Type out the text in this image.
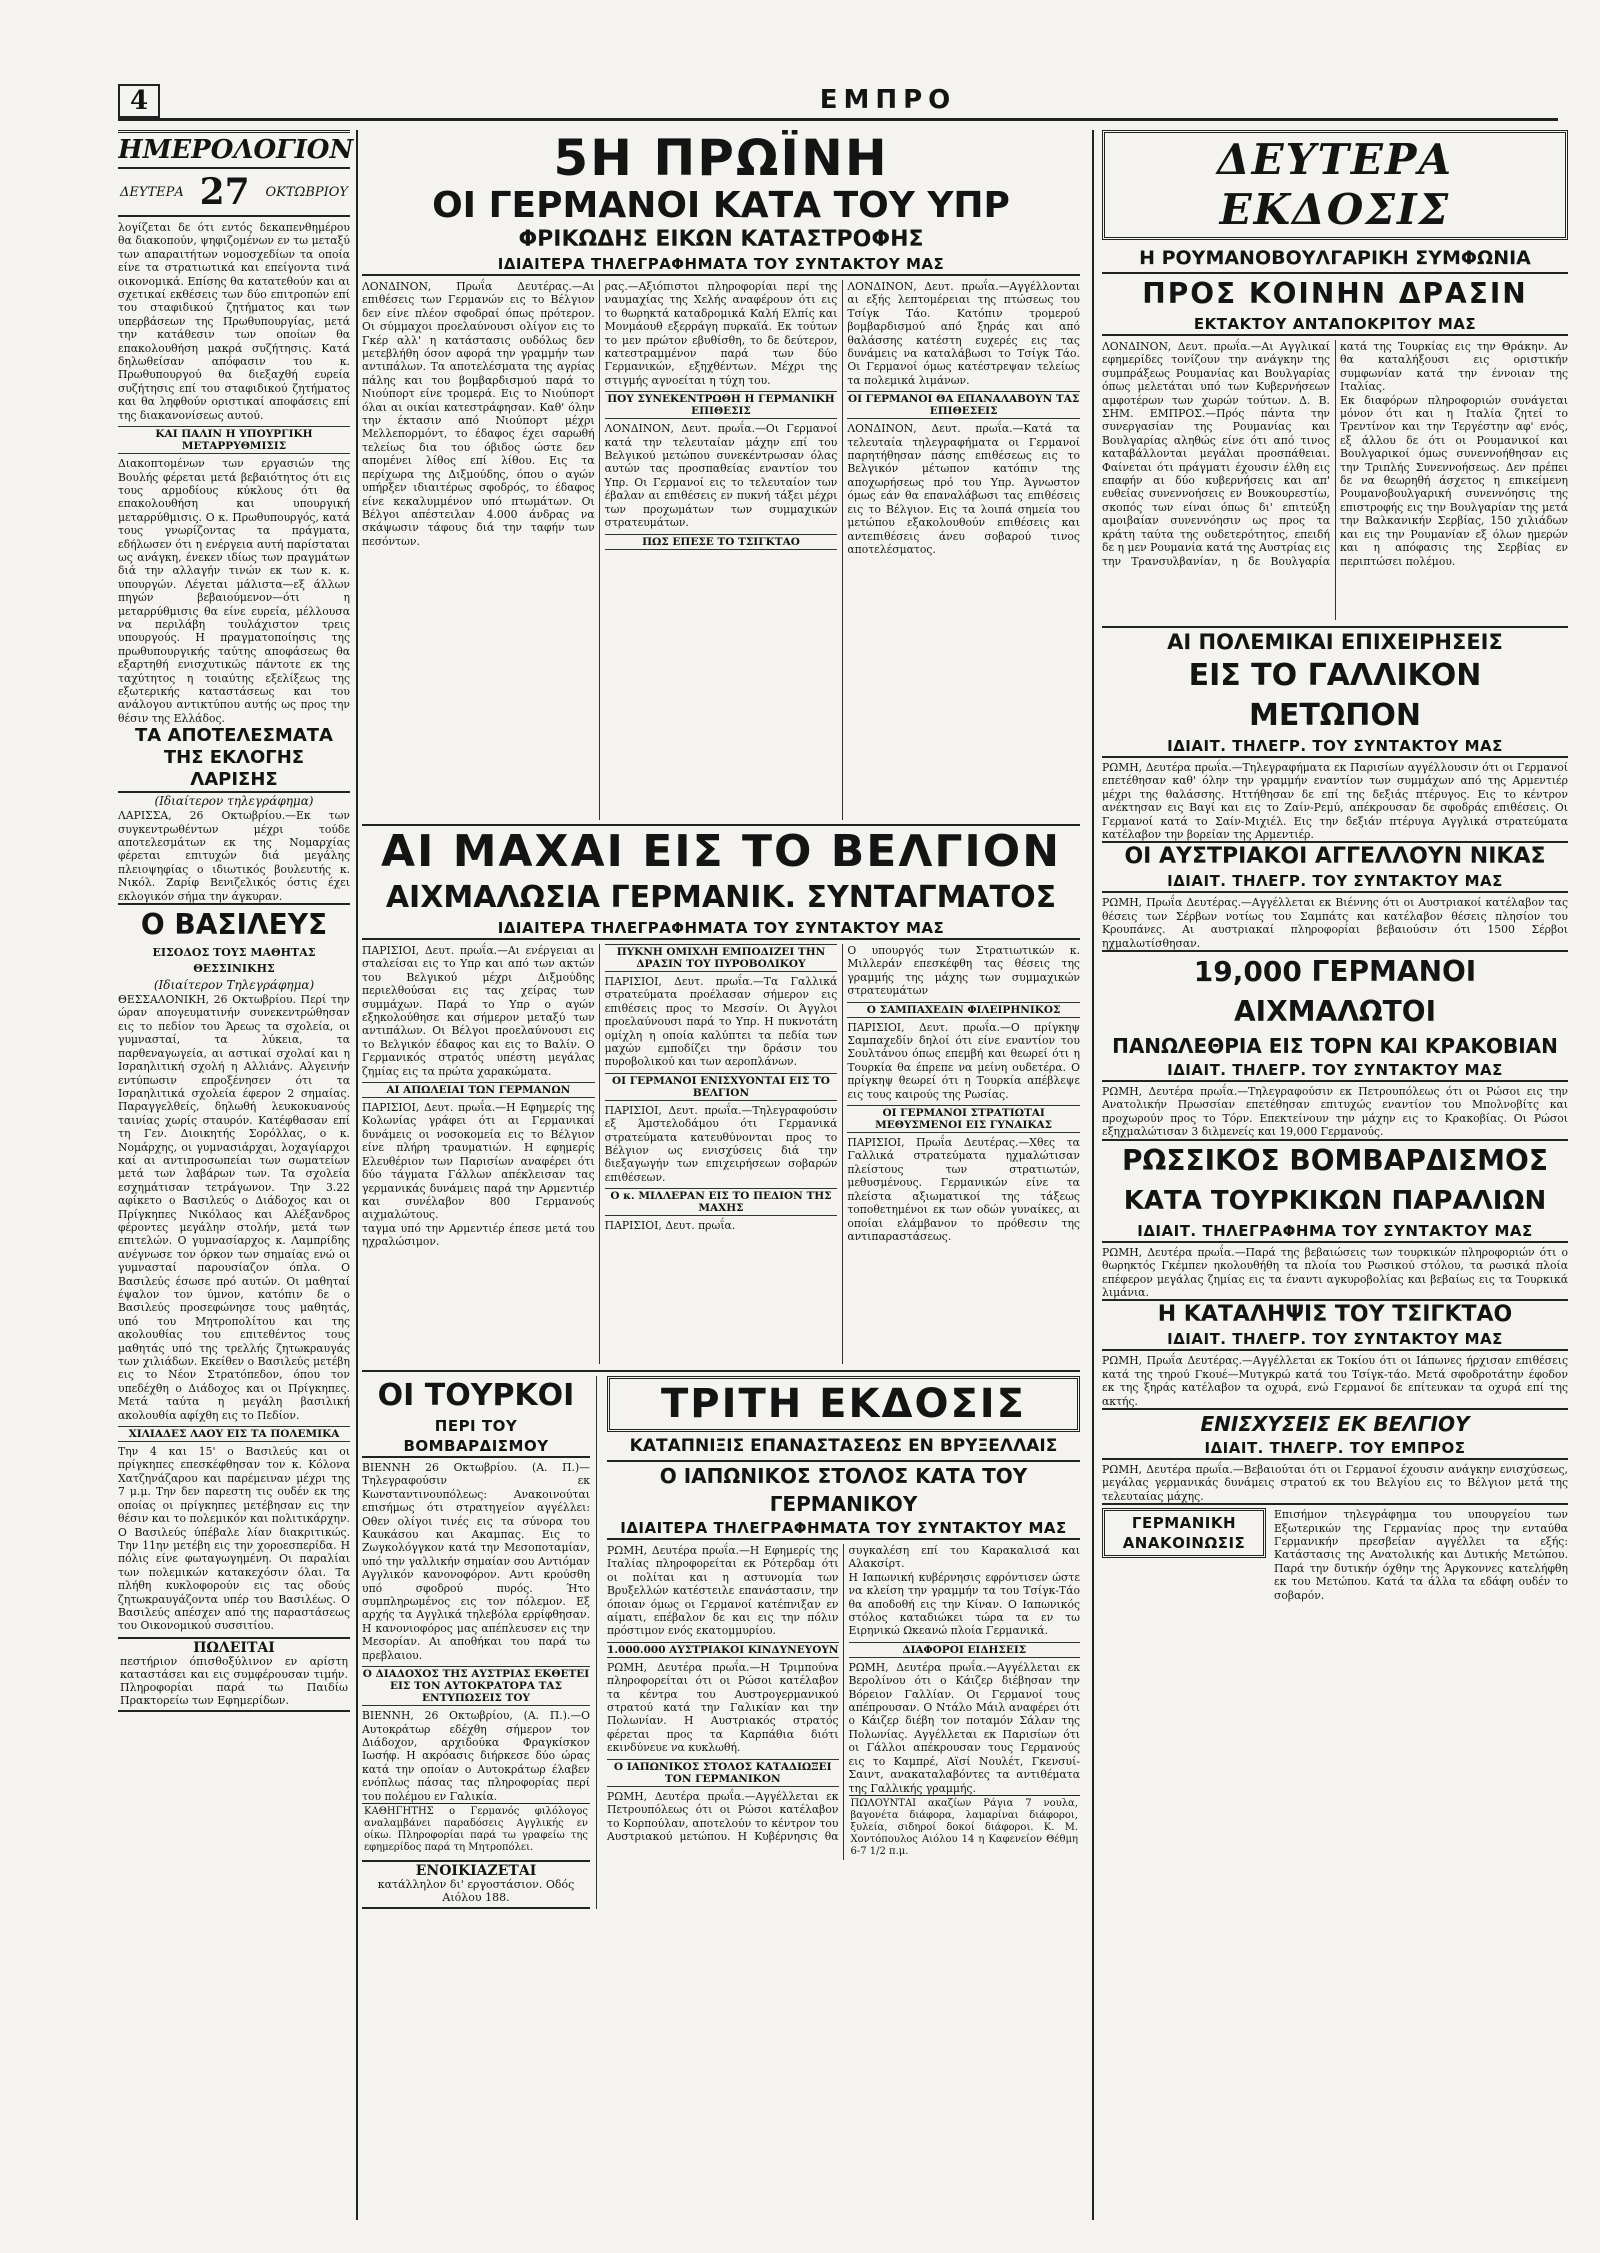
4	ΕΜΠΡΟ
ΗΜΕΡΟΛΟΓΙΟΝ
ΔΕΥΤΕΡΑ 27 ΟΚΤΩΒΡΙΟΥ

λογίζεται δε ότι εντός δεκαπενθημέρου θα διακοπούν, ψηφιζομένων εν τω μεταξύ των απαραιτήτων νομοσχεδίων τα οποία είνε τα στρατιωτικά και επείγοντα τινά οικονομικά. Επίσης θα κατατεθούν και αι σχετικαί εκθέσεις των δύο επιτροπών επί του σταφιδικού ζητήματος και των υπερβάσεων της Πρωθυπουργίας, μετά την κατάθεσιν των οποίων θα επακολουθήση μακρά συζήτησις. Κατά δηλωθείσαν απόφασιν του κ. Πρωθυπουργού θα διεξαχθή ευρεία συζήτησις επί του σταφιδικού ζητήματος και θα ληφθούν οριστικαί αποφάσεις επί της διακανονίσεως αυτού.

ΚΑΙ ΠΑΛΙΝ Η ΥΠΟΥΡΓΙΚΗ ΜΕΤΑΡΡΥΘΜΙΣΙΣ

Διακοπτομένων των εργασιών της Βουλής φέρεται μετά βεβαιότητος ότι εις τους αρμοδίους κύκλους ότι θα επακολουθήση και υπουργική μεταρρύθμισις. Ο κ. Πρωθυπουργός, κατά τους γνωρίζοντας τα πράγματα, εδήλωσεν ότι η ενέργεια αυτή παρίσταται ως ανάγκη, ένεκεν ιδίως των πραγμάτων διά την αλλαγήν τινών εκ των κ. κ. υπουργών. Λέγεται μάλιστα—εξ άλλων πηγών βεβαιούμενον—ότι η μεταρρύθμισις θα είνε ευρεία, μέλλουσα να περιλάβη τουλάχιστον τρεις υπουργούς. Η πραγματοποίησις της πρωθυπουργικής ταύτης αποφάσεως θα εξαρτηθή ενισχυτικώς πάντοτε εκ της ταχύτητος η τοιαύτης εξελίξεως της εξωτερικής καταστάσεως και του ανάλογου αντικτύπου αυτής ως προς την θέσιν της Ελλάδος.

ΤΑ ΑΠΟΤΕΛΕΣΜΑΤΑ ΤΗΣ ΕΚΛΟΓΗΣ ΛΑΡΙΣΗΣ
(Ιδιαίτερον τηλεγράφημα)

ΛΑΡΙΣΣΑ, 26 Οκτωβρίου.—Εκ των συγκεντρωθέντων μέχρι τούδε αποτελεσμάτων εκ της Νομαρχίας φέρεται επιτυχών διά μεγάλης πλειοψηφίας ο ιδιωτικός βουλευτής κ. Νικόλ. Ζαρίφ Βενιζελικός όστις έχει εκλογικόν σήμα την άγκυραν.

Ο ΒΑΣΙΛΕΥΣ
ΕΙΣΟΔΟΣ ΤΟΥΣ ΜΑΘΗΤΑΣ ΘΕΣΣΙΝΙΚΗΣ
(Ιδιαίτερον Τηλεγράφημα)

ΘΕΣΣΑΛΟΝΙΚΗ, 26 Οκτωβρίου. Περί την ώραν απογευματινήν συνεκεντρώθησαν εις το πεδίον του Άρεως τα σχολεία, οι γυμνασταί, τα λύκεια, τα παρθεναγωγεία, αι αστικαί σχολαί και η Ισραηλιτική σχολή η Αλλιάνς. Αλγεινήν εντύπωσιν επροξένησεν ότι τα Ισραηλιτικά σχολεία έφερον 2 σημαίας. Παραγγελθείς, δηλωθή λευκοκυανούς ταινίας χωρίς σταυρόν. Κατέφθασαν επί τη Γεν. Διοικητής Σορόλλας, ο κ. Νομάρχης, οι γυμνασιάρχαι, λοχαγίαρχοι καί αι αντιπροσωπείαι των σωματείων μετά των λαβάρων των. Τα σχολεία εσχημάτισαν τετράγωνον. Την 3.22 αφίκετο ο Βασιλεύς ο Διάδοχος και οι Πρίγκηπες Νικόλαος και Αλέξανδρος φέροντες μεγάλην στολήν, μετά των επιτελών. Ο γυμνασίαρχος κ. Λαμπρίδης ανέγνωσε τον όρκον των σημαίας ενώ οι γυμνασταί παρουσίαζον όπλα. Ο Βασιλεύς έσωσε πρό αυτών. Οι μαθηταί έψαλον τον ύμνον, κατόπιν δε ο Βασιλεύς προσεφώνησε τους μαθητάς, υπό του Μητροπολίτου και της ακολουθίας του επιτεθέντος τους μαθητάς υπό της τρελλής ζητωκραυγάς των χιλιάδων. Εκείθεν ο Βασιλεύς μετέβη εις το Νέον Στρατόπεδον, όπου τον υπεδέχθη ο Διάδοχος και οι Πρίγκηπες. Μετά ταύτα η μεγάλη βασιλική ακολουθία αφίχθη εις το Πεδίον.

ΧΙΛΙΑΔΕΣ ΛΑΟΥ ΕΙΣ ΤΑ ΠΟΛΕΜΙΚΑ

Την 4 και 15' ο Βασιλεύς και οι πρίγκηπες επεσκέφθησαν τον κ. Κόλονα Χατζηνάζαρου και παρέμειναν μέχρι της 7 μ.μ. Την δεν παρεστη τις ουδέν εκ της οποίας οι πρίγκηπες μετέβησαν εις την θέσιν και το πολεμικόν και πολιτικάρχην. Ο Βασιλεύς ύπέβαλε λίαν διακριτικώς. Την 11ην μετέβη εις την χοροεσπερίδα. Η πόλις είνε φωταγωγημένη. Οι παραλίαι των πολεμικών κατακεχόσιν όλαι. Τα πλήθη κυκλοφορούν εις τας οδούς ζητωκραυγάζοντα υπέρ του Βασιλέως. Ο Βασιλεύς απέσχεν από της παραστάσεως του Οικονομικού συσσιτίου.

ΠΩΛΕΙΤΑΙ
πεστήριον όπισθοξύλινον εν αρίστη καταστάσει και εις συμφέρουσαν τιμήν. Πληροφορίαι παρά τω Παιδίω Πρακτορείω των Εφημερίδων.
5Η ΠΡΩΪΝΗ
ΟΙ ΓΕΡΜΑΝΟΙ ΚΑΤΑ ΤΟΥ ΥΠΡ
ΦΡΙΚΩΔΗΣ ΕΙΚΩΝ ΚΑΤΑΣΤΡΟΦΗΣ
ΙΔΙΑΙΤΕΡΑ ΤΗΛΕΓΡΑΦΗΜΑΤΑ ΤΟΥ ΣΥΝΤΑΚΤΟΥ ΜΑΣ

ΛΟΝΔΙΝΟΝ, Πρωΐα Δευτέρας.—Αι επιθέσεις των Γερμανών εις το Βέλγιον δεν είνε πλέον σφοδραί όπως πρότερον. Οι σύμμαχοι προελαύνουσι ολίγον εις το Γκέρ αλλ' η κατάστασις ουδόλως δεν μετεβλήθη όσον αφορά την γραμμήν των αντιπάλων. Τα αποτελέσματα της αγρίας πάλης και του βομβαρδισμού παρά το Νιούπορτ είνε τρομερά. Εις το Νιούπορτ όλαι αι οικίαι κατεστράφησαν. Καθ' όλην την έκτασιν από Νιούπορτ μέχρι Μελλεπορμόντ, το έδαφος έχει σαρωθή τελείως δια του όβιδος ώστε δεν απομένει λίθος επί λίθου. Εις τα περίχωρα της Διξμούδης, όπου ο αγών υπήρξεν ιδιαιτέρως σφοδρός, το έδαφος είνε κεκαλυμμένον υπό πτωμάτων. Οι Βέλγοι απέστειλαν 4.000 άνδρας να σκάψωσιν τάφους διά την ταφήν των πεσόντων.

ρας.—Αξιόπιστοι πληροφορίαι περί της ναυμαχίας της Χελής αναφέρουν ότι εις το θωρηκτά καταδρομικά Καλή Ελπίς και Μονμάουθ εξερράγη πυρκαϊά. Εκ τούτων το μεν πρώτον εβυθίσθη, το δε δεύτερον, κατεστραμμένον παρά των δύο Γερμανικών, εξηχθέντων. Μέχρι της στιγμής αγνοείται η τύχη του.

ΠΟΥ ΣΥΝΕΚΕΝΤΡΩΘΗ Η ΓΕΡΜΑΝΙΚΗ ΕΠΙΘΕΣΙΣ

ΛΟΝΔΙΝΟΝ, Δευτ. πρωΐα.—Οι Γερμανοί κατά την τελευταίαν μάχην επί του Βελγικού μετώπου συνεκέντρωσαν όλας αυτών τας προσπαθείας εναντίον του Υπρ. Οι Γερμανοί εις το τελευταίον των έβαλαν αι επιθέσεις εν πυκνή τάξει μέχρι των προχωμάτων των συμμαχικών στρατευμάτων.

ΠΩΣ ΕΠΕΣΕ ΤΟ ΤΣΙΓΚΤΑΟ

ΛΟΝΔΙΝΟΝ, Δευτ. πρωΐα.—Αγγέλλονται αι εξής λεπτομέρειαι της πτώσεως του Τσίγκ Τάο. Κατόπιν τρομερού βομβαρδισμού από ξηράς και από θαλάσσης κατέστη ευχερές εις τας δυνάμεις να καταλάβωσι το Τσίγκ Τάο. Οι Γερμανοί όμως κατέστρεψαν τελείως τα πολεμικά λιμάνων.

ΟΙ ΓΕΡΜΑΝΟΙ ΘΑ ΕΠΑΝΑΛΑΒΟΥΝ ΤΑΣ ΕΠΙΘΕΣΕΙΣ

ΛΟΝΔΙΝΟΝ, Δευτ. πρωΐα.—Κατά τα τελευταία τηλεγραφήματα οι Γερμανοί παρητήθησαν πάσης επιθέσεως εις το Βελγικόν μέτωπον κατόπιν της αποχωρήσεως πρό του Υπρ. Άγνωστον όμως εάν θα επαναλάβωσι τας επιθέσεις εις το Βέλγιον. Εις τα λοιπά σημεία του μετώπου εξακολουθούν επιθέσεις και αντεπιθέσεις άνευ σοβαρού τινος αποτελέσματος.

ΑΙ ΜΑΧΑΙ ΕΙΣ ΤΟ ΒΕΛΓΙΟΝ
ΑΙΧΜΑΛΩΣΙΑ ΓΕΡΜΑΝΙΚ. ΣΥΝΤΑΓΜΑΤΟΣ
ΙΔΙΑΙΤΕΡΑ ΤΗΛΕΓΡΑΦΗΜΑΤΑ ΤΟΥ ΣΥΝΤΑΚΤΟΥ ΜΑΣ

ΠΑΡΙΣΙΟΙ, Δευτ. πρωΐα.—Αι ενέργειαι αι σταλείσαι εις το Υπρ και από των ακτών του Βελγικού μέχρι Διξμούδης περιελθούσαι εις τας χείρας των συμμάχων. Παρά το Υπρ ο αγών εξηκολούθησε και σήμερον μεταξύ των αντιπάλων. Οι Βέλγοι προελαύνουσι εις το Βελγικόν έδαφος και εις το Βαλίν. Ο Γερμανικός στρατός υπέστη μεγάλας ζημίας εις τα πρώτα χαρακώματα.

ΑΙ ΑΠΩΛΕΙΑΙ ΤΩΝ ΓΕΡΜΑΝΩΝ

ΠΑΡΙΣΙΟΙ, Δευτ. πρωΐα.—Η Εφημερίς της Κολωνίας γράφει ότι αι Γερμανικαί δυνάμεις οι νοσοκομεία εις το Βέλγιον είνε πλήρη τραυματιών. Η εφημερίς Ελευθέριον των Παρισίων αναφέρει ότι δύο τάγματα Γάλλων απέκλεισαν τας γερμανικάς δυνάμεις παρά την Αρμεντιέρ και συνέλαβον 800 Γερμανούς αιχμαλώτους.

ταγμα υπό την Αρμεντιέρ έπεσε μετά του ηχραλώσιμον.

ΠΥΚΝΗ ΟΜΙΧΛΗ ΕΜΠΟΔΙΖΕΙ ΤΗΝ ΔΡΑΣΙΝ ΤΟΥ ΠΥΡΟΒΟΛΙΚΟΥ

ΠΑΡΙΣΙΟΙ, Δευτ. πρωΐα.—Τα Γαλλικά στρατεύματα προέλασαν σήμερον εις επιθέσεις προς το Μεσσίν. Οι Άγγλοι προελαύνουσι παρά το Υπρ. Η πυκνοτάτη ομίχλη η οποία καλύπτει τα πεδία των μαχών εμποδίζει την δράσιν του πυροβολικού και των αεροπλάνων.

ΟΙ ΓΕΡΜΑΝΟΙ ΕΝΙΣΧΥΟΝΤΑΙ ΕΙΣ ΤΟ ΒΕΛΓΙΟΝ

ΠΑΡΙΣΙΟΙ, Δευτ. πρωΐα.—Τηλεγραφούσιν εξ Άμστελοδάμου ότι Γερμανικά στρατεύματα κατευθύνονται προς το Βέλγιον ως ενισχύσεις διά την διεξαγωγήν των επιχειρήσεων σοβαρών επιθέσεων.

Ο κ. ΜΙΛΛΕΡΑΝ ΕΙΣ ΤΟ ΠΕΔΙΟΝ ΤΗΣ ΜΑΧΗΣ

ΠΑΡΙΣΙΟΙ, Δευτ. πρωΐα.

Ο υπουργός των Στρατιωτικών κ. Μιλλεράν επεσκέφθη τας θέσεις της γραμμής της μάχης των συμμαχικών στρατευμάτων

Ο ΣΑΜΠΑΧΕΔΙΝ ΦΙΛΕΙΡΗΝΙΚΟΣ

ΠΑΡΙΣΙΟΙ, Δευτ. πρωΐα.—Ο πρίγκηψ Σαμπαχεδίν δηλοί ότι είνε εναντίον του Σουλτάνου όπως επεμβή και θεωρεί ότι η Τουρκία θα έπρεπε να μείνη ουδετέρα. Ο πρίγκηψ θεωρεί ότι η Τουρκία απέβλεψε εις τους καιρούς της Ρωσίας.

ΟΙ ΓΕΡΜΑΝΟΙ ΣΤΡΑΤΙΩΤΑΙ ΜΕΘΥΣΜΕΝΟΙ ΕΙΣ ΓΥΝΑΙΚΑΣ

ΠΑΡΙΣΙΟΙ, Πρωΐα Δευτέρας.—Χθες τα Γαλλικά στρατεύματα ηχμαλώτισαν πλείστους των στρατιωτών, μεθυσμένους. Γερμανικών είνε τα πλείστα αξιωματικοί της τάξεως τοποθετημένοι εκ των οδών γυναίκες, αι οποίαι ελάμβανον το πρόθεσιν της αντιπαραστάσεως.

ΟΙ ΤΟΥΡΚΟΙ
ΠΕΡΙ ΤΟΥ ΒΟΜΒΑΡΔΙΣΜΟΥ

ΒΙΕΝΝΗ 26 Οκτωβρίου. (Α. Π.)—Τηλεγραφούσιν εκ Κωνσταντινουπόλεως: Ανακοινούται επισήμως ότι στρατηγείον αγγέλλει: Οθεν ολίγοι τινές εις τα σύνορα του Καυκάσου και Ακαμπας. Εις το Ζωγκολόγγκον κατά την Μεσοποταμίαν, υπό την γαλλικήν σημαίαν σου Αντιόμαν Αγγλικόν κανονοφόρον. Αντι κρούσθη υπό σφοδρού πυρός. Ήτο συμπληρωμένος εις τον πόλεμον. Εξ αρχής τα Αγγλικά τηλεβόλα ερρίφθησαν. Η κανονιοφόρος μας απέπλευσεν εις την Μεσορίαν. Αι αποθήκαι του παρά τω πρεβλαιου.

Ο ΔΙΑΔΟΧΟΣ ΤΗΣ ΑΥΣΤΡΙΑΣ ΕΚΘΕΤΕΙ ΕΙΣ ΤΟΝ ΑΥΤΟΚΡΑΤΟΡΑ ΤΑΣ ΕΝΤΥΠΩΣΕΙΣ ΤΟΥ

ΒΙΕΝΝΗ, 26 Οκτωβρίου, (Α. Π.).—Ο Αυτοκράτωρ εδέχθη σήμερον τον Διάδοχον, αρχιδούκα Φραγκίσκον Ιωσήφ. Η ακρόασις διήρκεσε δύο ώρας κατά την οποίαν ο Αυτοκράτωρ έλαβεν ενόπλως πάσας τας πληροφορίας περί του πολέμου εν Γαλικία.

ΚΑΘΗΓΗΤΗΣ ο Γερμανός φιλόλογος αναλαμβάνει παραδόσεις Αγγλικής εν οίκω. Πληροφορίαι παρά τω γραφείω της εφημερίδος παρά τη Μητροπόλει.
ΕΝΟΙΚΙΑΖΕΤΑΙ
κατάλληλον δι' εργοστάσιον. Οδός Αιόλου 188.
ΤΡΙΤΗ ΕΚΔΟΣΙΣ
ΚΑΤΑΠΝΙΞΙΣ ΕΠΑΝΑΣΤΑΣΕΩΣ ΕΝ ΒΡΥΞΕΛΛΑΙΣ
Ο ΙΑΠΩΝΙΚΟΣ ΣΤΟΛΟΣ ΚΑΤΑ ΤΟΥ ΓΕΡΜΑΝΙΚΟΥ
ΙΔΙΑΙΤΕΡΑ ΤΗΛΕΓΡΑΦΗΜΑΤΑ ΤΟΥ ΣΥΝΤΑΚΤΟΥ ΜΑΣ

ΡΩΜΗ, Δευτέρα πρωΐα.—Η Εφημερίς της Ιταλίας πληροφορείται εκ Ρότερδαμ ότι οι πολίται και η αστυνομία των Βρυξελλών κατέστειλε επανάστασιν, την όποιαν όμως οι Γερμανοί κατέπνιξαν εν αίματι, επέβαλον δε και εις την πόλιν πρόστιμον ενός εκατομμυρίου.

1.000.000 ΑΥΣΤΡΙΑΚΟΙ ΚΙΝΔΥΝΕΥΟΥΝ

ΡΩΜΗ, Δευτέρα πρωΐα.—Η Τριμπούνα πληροφορείται ότι οι Ρώσοι κατέλαβον τα κέντρα του Αυστρογερμανικού στρατού κατά την Γαλικίαν και την Πολωνίαν. Η Αυστριακός στρατός φέρεται προς τα Καρπάθια διότι εκινδύνευε να κυκλωθή.

Ο ΙΑΠΩΝΙΚΟΣ ΣΤΟΛΟΣ ΚΑΤΑΔΙΩΞΕΙ ΤΟΝ ΓΕΡΜΑΝΙΚΟΝ

ΡΩΜΗ, Δευτέρα πρωΐα.—Αγγέλλεται εκ Πετρουπόλεως ότι οι Ρώσοι κατέλαβον το Κορπούλαν, αποτελούν το κέντρον του Αυστριακού μετώπου. Η Κυβέρνησις θα συγκαλέση επί του Καρακαλισά και Αλακσίρτ.

Η Ιαπωνική κυβέρνησις εφρόντισεν ώστε να κλείση την γραμμήν τα του Τσίγκ-Τάο θα αποδοθή εις την Κίναν. Ο Ιαπωνικός στόλος καταδιώκει τώρα τα εν τω Ειρηνικώ Ωκεανώ πλοία Γερμανικά.

ΔΙΑΦΟΡΟΙ ΕΙΔΗΣΕΙΣ

ΡΩΜΗ, Δευτέρα πρωΐα.—Αγγέλλεται εκ Βερολίνου ότι ο Κάιζερ διέβησαν την Βόρειον Γαλλίαν. Οι Γερμανοί τους απέπρουσαν. Ο Ντάλο Μάιλ αναφέρει ότι ο Κάιζερ διέβη τον ποταμόν Σάλαν της Πολωνίας. Αγγέλλεται εκ Παρισίων ότι οι Γάλλοι απέκρουσαν τους Γερμανούς εις το Καμπρέ, Αϊσί Νουλέτ, Γκενσυί-Σαιντ, ανακαταλαβόντες τα αντιθέματα της Γαλλικής γραμμής.

ΠΩΛΟΥΝΤΑΙ ακαζίων Ράγια 7 νουλα, βαγονέτα διάφορα, λαμαρίναι διάφοροι, ξυλεία, σιδηροί δοκοί διάφοροι. Κ. Μ. Χοντόπουλος Αιόλου 14 η Καφενείον Θέθμη 6-7 1/2 π.μ.
ΔΕΥΤΕΡΑ ΕΚΔΟΣΙΣ
Η ΡΟΥΜΑΝΟΒΟΥΛΓΑΡΙΚΗ ΣΥΜΦΩΝΙΑ
ΠΡΟΣ ΚΟΙΝΗΝ ΔΡΑΣΙΝ
ΕΚΤΑΚΤΟΥ ΑΝΤΑΠΟΚΡΙΤΟΥ ΜΑΣ

ΛΟΝΔΙΝΟΝ, Δευτ. πρωΐα.—Αι Αγγλικαί εφημερίδες τονίζουν την ανάγκην της συμπράξεως Ρουμανίας και Βουλγαρίας όπως μελετάται υπό των Κυβερνήσεων αμφοτέρων των χωρών τούτων. Δ. Β. ΣΗΜ. ΕΜΠΡΟΣ.—Πρός πάντα την συνεργασίαν της Ρουμανίας και Βουλγαρίας αληθώς είνε ότι από τινος καταβάλλονται μεγάλαι προσπάθειαι. Φαίνεται ότι πράγματι έχουσιν έλθη εις επαφήν αι δύο κυβερνήσεις και απ' ευθείας συνεννοήσεις εν Βουκουρεστίω, σκοπός των είναι όπως δι' επιτεύξη αμοιβαίαν συνεννόησιν ως προς τα κράτη ταύτα της ουδετερότητος, επειδή δε η μεν Ρουμανία κατά της Αυστρίας εις την Τρανσυλβανίαν, η δε Βουλγαρία κατά της Τουρκίας εις την Θράκην. Αν θα καταλήξουσι εις οριστικήν συμφωνίαν κατά την έννοιαν της Ιταλίας.

Εκ διαφόρων πληροφοριών συνάγεται μόνον ότι και η Ιταλία ζητεί το Τρεντίνον και την Τεργέστην αφ' ενός, εξ άλλου δε ότι οι Ρουμανικοί και Βουλγαρικοί όμως συνεννοήθησαν εις την Τριπλής Συνεννοήσεως. Δεν πρέπει δε να θεωρηθή άσχετος η επικείμενη Ρουμανοβουλγαρική συνεννόησις της επιστροφής εις την Βουλγαρίαν της μετά την Βαλκανικήν Σερβίας, 150 χιλιάδων και εις την Ρουμανίαν εξ όλων ημερών και η απόφασις της Σερβίας εν περιπτώσει πολέμου.

ΑΙ ΠΟΛΕΜΙΚΑΙ ΕΠΙΧΕΙΡΗΣΕΙΣ
ΕΙΣ ΤΟ ΓΑΛΛΙΚΟΝ ΜΕΤΩΠΟΝ
ΙΔΙΑΙΤ. ΤΗΛΕΓΡ. ΤΟΥ ΣΥΝΤΑΚΤΟΥ ΜΑΣ

ΡΩΜΗ, Δευτέρα πρωΐα.—Τηλεγραφήματα εκ Παρισίων αγγέλλουσιν ότι οι Γερμανοί επετέθησαν καθ' όλην την γραμμήν εναντίον των συμμάχων από της Αρμεντιέρ μέχρι της θαλάσσης. Ηττήθησαν δε επί της δεξιάς πτέρυγος. Εις το κέντρον ανέκτησαν εις Βαγί και εις το Ζαίν-Ρεμύ, απέκρουσαν δε σφοδράς επιθέσεις. Οι Γερμανοί κατά το Σαίν-Μιχιέλ. Εις την δεξιάν πτέρυγα Αγγλικά στρατεύματα κατέλαβον την βορείαν της Αρμεντιέρ.

ΟΙ ΑΥΣΤΡΙΑΚΟΙ ΑΓΓΕΛΛΟΥΝ ΝΙΚΑΣ
ΙΔΙΑΙΤ. ΤΗΛΕΓΡ. ΤΟΥ ΣΥΝΤΑΚΤΟΥ ΜΑΣ

ΡΩΜΗ, Πρωΐα Δευτέρας.—Αγγέλλεται εκ Βιέννης ότι οι Αυστριακοί κατέλαβον τας θέσεις των Σέρβων νοτίως του Σαμπάτς και κατέλαβον θέσεις πλησίον του Κρουπάνες. Αι αυστριακαί πληροφορίαι βεβαιούσιν ότι 1500 Σέρβοι ηχμαλωτίσθησαν.

19,000 ΓΕΡΜΑΝΟΙ ΑΙΧΜΑΛΩΤΟΙ
ΠΑΝΩΛΕΘΡΙΑ ΕΙΣ ΤΟΡΝ ΚΑΙ ΚΡΑΚΟΒΙΑΝ
ΙΔΙΑΙΤ. ΤΗΛΕΓΡ. ΤΟΥ ΣΥΝΤΑΚΤΟΥ ΜΑΣ

ΡΩΜΗ, Δευτέρα πρωΐα.—Τηλεγραφούσιν εκ Πετρουπόλεως ότι οι Ρώσοι εις την Ανατολικήν Πρωσσίαν επετέθησαν επιτυχώς εναντίον του Μπολνοβίτς και προχωρούν προς το Τόρν. Επεκτείνουν την μάχην εις το Κρακοβίας. Οι Ρώσοι εξηχμαλώτισαν 3 διλμενείς και 19,000 Γερμανούς.

ΡΩΣΣΙΚΟΣ ΒΟΜΒΑΡΔΙΣΜΟΣ
ΚΑΤΑ ΤΟΥΡΚΙΚΩΝ ΠΑΡΑΛΙΩΝ
ΙΔΙΑΙΤ. ΤΗΛΕΓΡΑΦΗΜΑ ΤΟΥ ΣΥΝΤΑΚΤΟΥ ΜΑΣ

ΡΩΜΗ, Δευτέρα πρωΐα.—Παρά της βεβαιώσεις των τουρκικών πληροφοριών ότι ο θωρηκτός Γκέμπεν ηκολουθήθη τα πλοία του Ρωσικού στόλου, τα ρωσικά πλοία επέφερον μεγάλας ζημίας εις τα έναντι αγκυροβολίας και βεβαίως εις τα Τουρκικά λιμάνια.

Η ΚΑΤΑΛΗΨΙΣ ΤΟΥ ΤΣΙΓΚΤΑΟ
ΙΔΙΑΙΤ. ΤΗΛΕΓΡ. ΤΟΥ ΣΥΝΤΑΚΤΟΥ ΜΑΣ

ΡΩΜΗ, Πρωΐα Δευτέρας.—Αγγέλλεται εκ Τοκίου ότι οι Ιάπωνες ήρχισαν επιθέσεις κατά της τηρού Γκουέ—Μυτγκρώ κατά του Τσίγκ-τάο. Μετά σφοδροτάτην έφοδον εκ της ξηράς κατέλαβον τα οχυρά, ενώ Γερμανοί δε επίτευκαν τα οχυρά επί της ακτής.

ΕΝΙΣΧΥΣΕΙΣ ΕΚ ΒΕΛΓΙΟΥ
ΙΔΙΑΙΤ. ΤΗΛΕΓΡ. ΤΟΥ ΕΜΠΡΟΣ

ΡΩΜΗ, Δευτέρα πρωΐα.—Βεβαιούται ότι οι Γερμανοί έχουσιν ανάγκην ενισχύσεως, μεγάλας γερμανικάς δυνάμεις στρατού εκ του Βελγίου εις το Βέλγιον μετά της τελευταίας μάχης.

ΓΕΡΜΑΝΙΚΗ ΑΝΑΚΟΙΝΩΣΙΣ

Επισήμον τηλεγράφημα του υπουργείου των Εξωτερικών της Γερμανίας προς την ενταύθα Γερμανικήν πρεσβείαν αγγέλλει τα εξής: Κατάστασις της Ανατολικής και Δυτικής Μετώπου. Παρά την δυτικήν όχθην της Άργκοννες κατελήφθη εκ του Μετώπου. Κατά τα άλλα τα εδάφη ουδέν το σοβαρόν.
